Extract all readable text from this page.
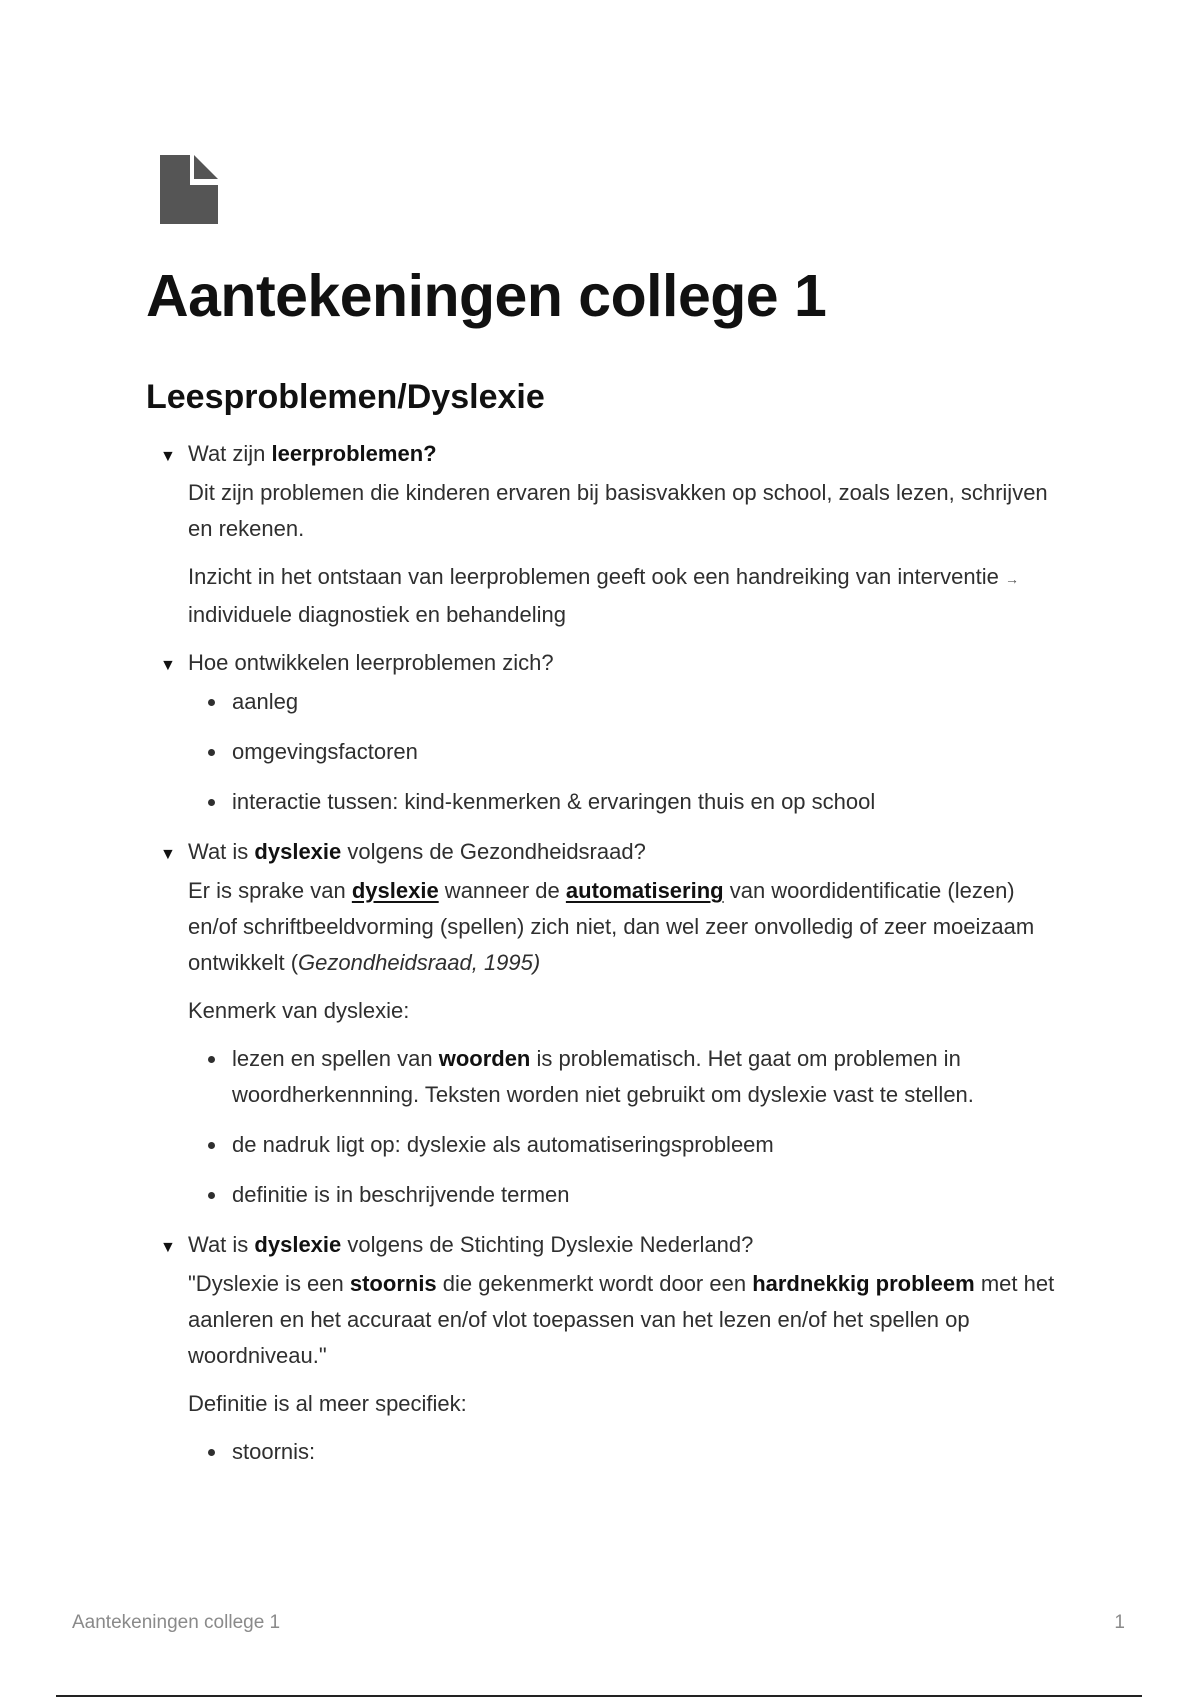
Aantekeningen college 1
Leesproblemen/Dyslexie
▼ Wat zijn leerproblemen?

Dit zijn problemen die kinderen ervaren bij basisvakken op school, zoals lezen, schrijven en rekenen.

Inzicht in het ontstaan van leerproblemen geeft ook een handreiking van interventie → individuele diagnostiek en behandeling

▼ Hoe ontwikkelen leerproblemen zich?
aanleg
omgevingsfactoren
interactie tussen: kind-kenmerken & ervaringen thuis en op school
▼ Wat is dyslexie volgens de Gezondheidsraad?

Er is sprake van dyslexie wanneer de automatisering van woordidentificatie (lezen) en/of schriftbeeldvorming (spellen) zich niet, dan wel zeer onvolledig of zeer moeizaam ontwikkelt (Gezondheidsraad, 1995)

Kenmerk van dyslexie:

lezen en spellen van woorden is problematisch. Het gaat om problemen in woordherkennning. Teksten worden niet gebruikt om dyslexie vast te stellen.
de nadruk ligt op: dyslexie als automatiseringsprobleem
definitie is in beschrijvende termen
▼ Wat is dyslexie volgens de Stichting Dyslexie Nederland?

"Dyslexie is een stoornis die gekenmerkt wordt door een hardnekkig probleem met het aanleren en het accuraat en/of vlot toepassen van het lezen en/of het spellen op woordniveau."

Definitie is al meer specifiek:

stoornis:
Aantekeningen college 1	1
